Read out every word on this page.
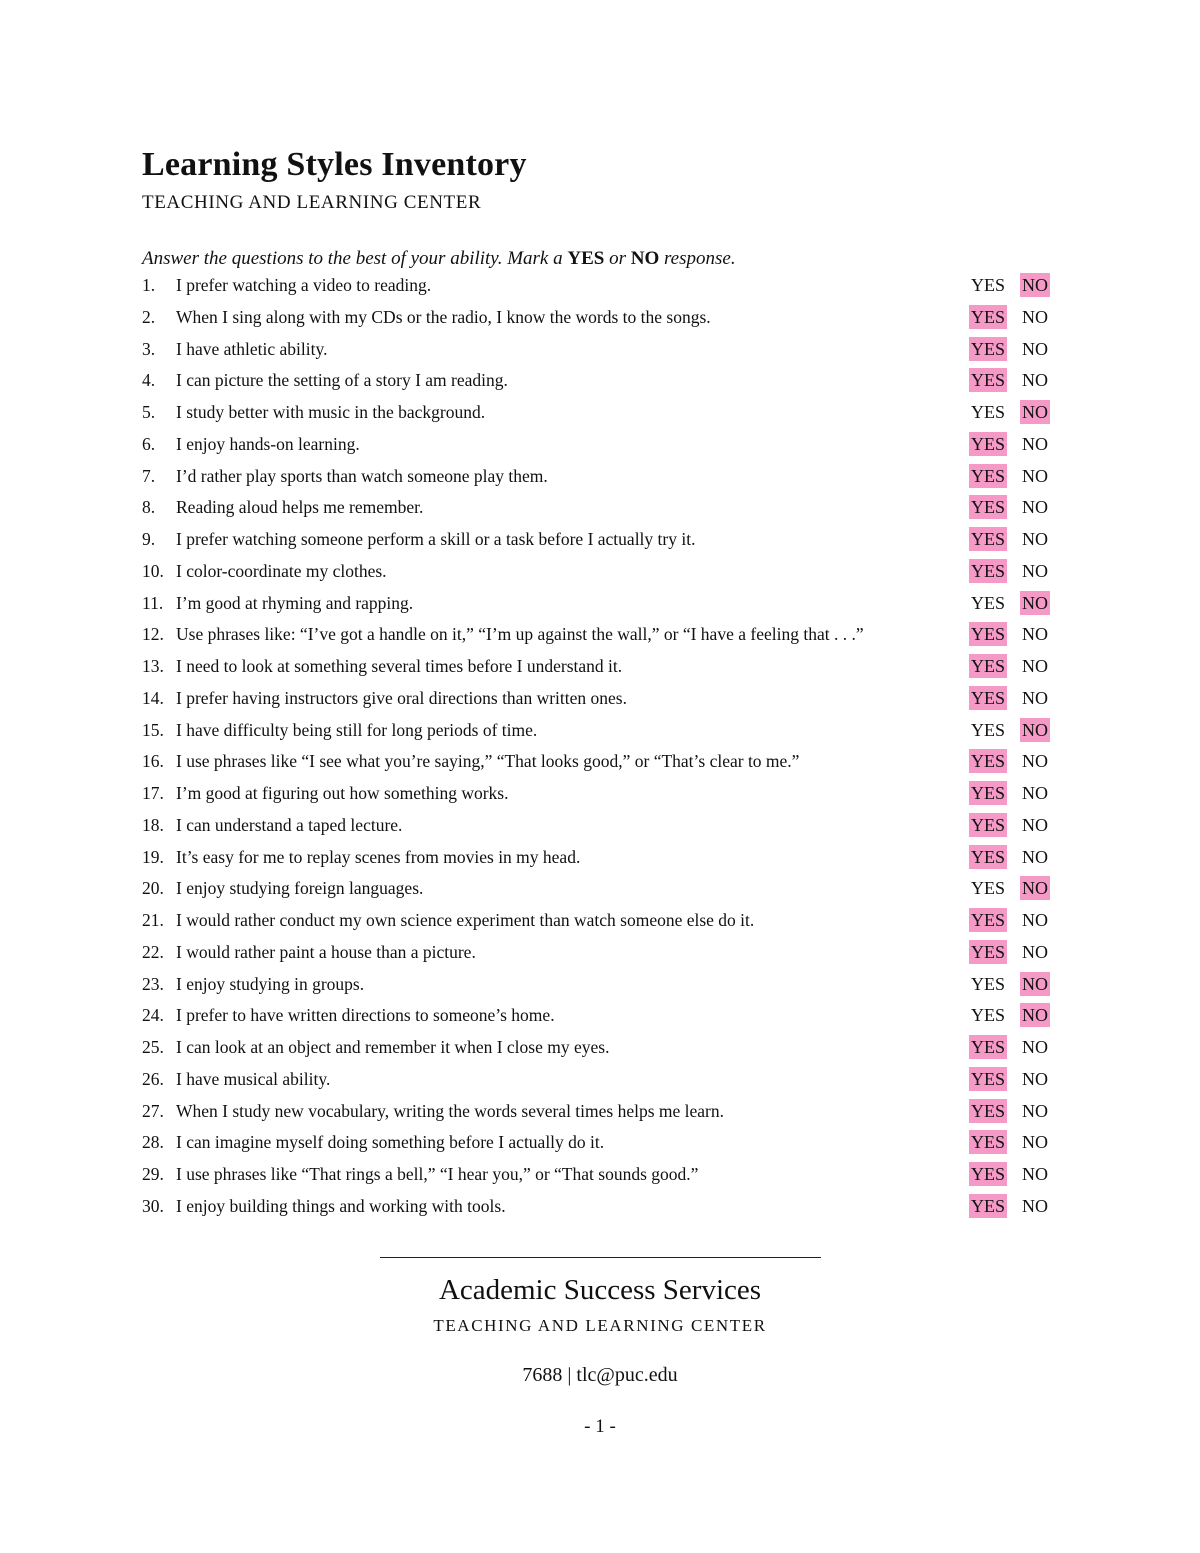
Learning Styles Inventory
TEACHING AND LEARNING CENTER
Answer the questions to the best of your ability. Mark a YES or NO response.
1.	I prefer watching a video to reading.	YES NO
2.	When I sing along with my CDs or the radio, I know the words to the songs.	YES NO
3.	I have athletic ability.	YES NO
4.	I can picture the setting of a story I am reading.	YES NO
5.	I study better with music in the background.	YES NO
6.	I enjoy hands-on learning.	YES NO
7.	I’d rather play sports than watch someone play them.	YES NO
8.	Reading aloud helps me remember.	YES NO
9.	I prefer watching someone perform a skill or a task before I actually try it.	YES NO
10. I color-coordinate my clothes.	YES NO
11. I’m good at rhyming and rapping.	YES NO
12. Use phrases like: “I’ve got a handle on it,” “I’m up against the wall,” or “I have a feeling that . . .”	YES NO
13. I need to look at something several times before I understand it.	YES NO
14. I prefer having instructors give oral directions than written ones.	YES NO
15. I have difficulty being still for long periods of time.	YES NO
16. I use phrases like “I see what you’re saying,” “That looks good,” or “That’s clear to me.”	YES NO
17. I’m good at figuring out how something works.	YES NO
18. I can understand a taped lecture.	YES NO
19. It’s easy for me to replay scenes from movies in my head.	YES NO
20. I enjoy studying foreign languages.	YES NO
21. I would rather conduct my own science experiment than watch someone else do it.	YES NO
22. I would rather paint a house than a picture.	YES NO
23. I enjoy studying in groups.	YES NO
24. I prefer to have written directions to someone’s home.	YES NO
25. I can look at an object and remember it when I close my eyes.	YES NO
26. I have musical ability.	YES NO
27. When I study new vocabulary, writing the words several times helps me learn.	YES NO
28. I can imagine myself doing something before I actually do it.	YES NO
29. I use phrases like “That rings a bell,” “I hear you,” or “That sounds good.”	YES NO
30. I enjoy building things and working with tools.	YES NO
Academic Success Services
TEACHING AND LEARNING CENTER
7688 | tlc@puc.edu
- 1 -
